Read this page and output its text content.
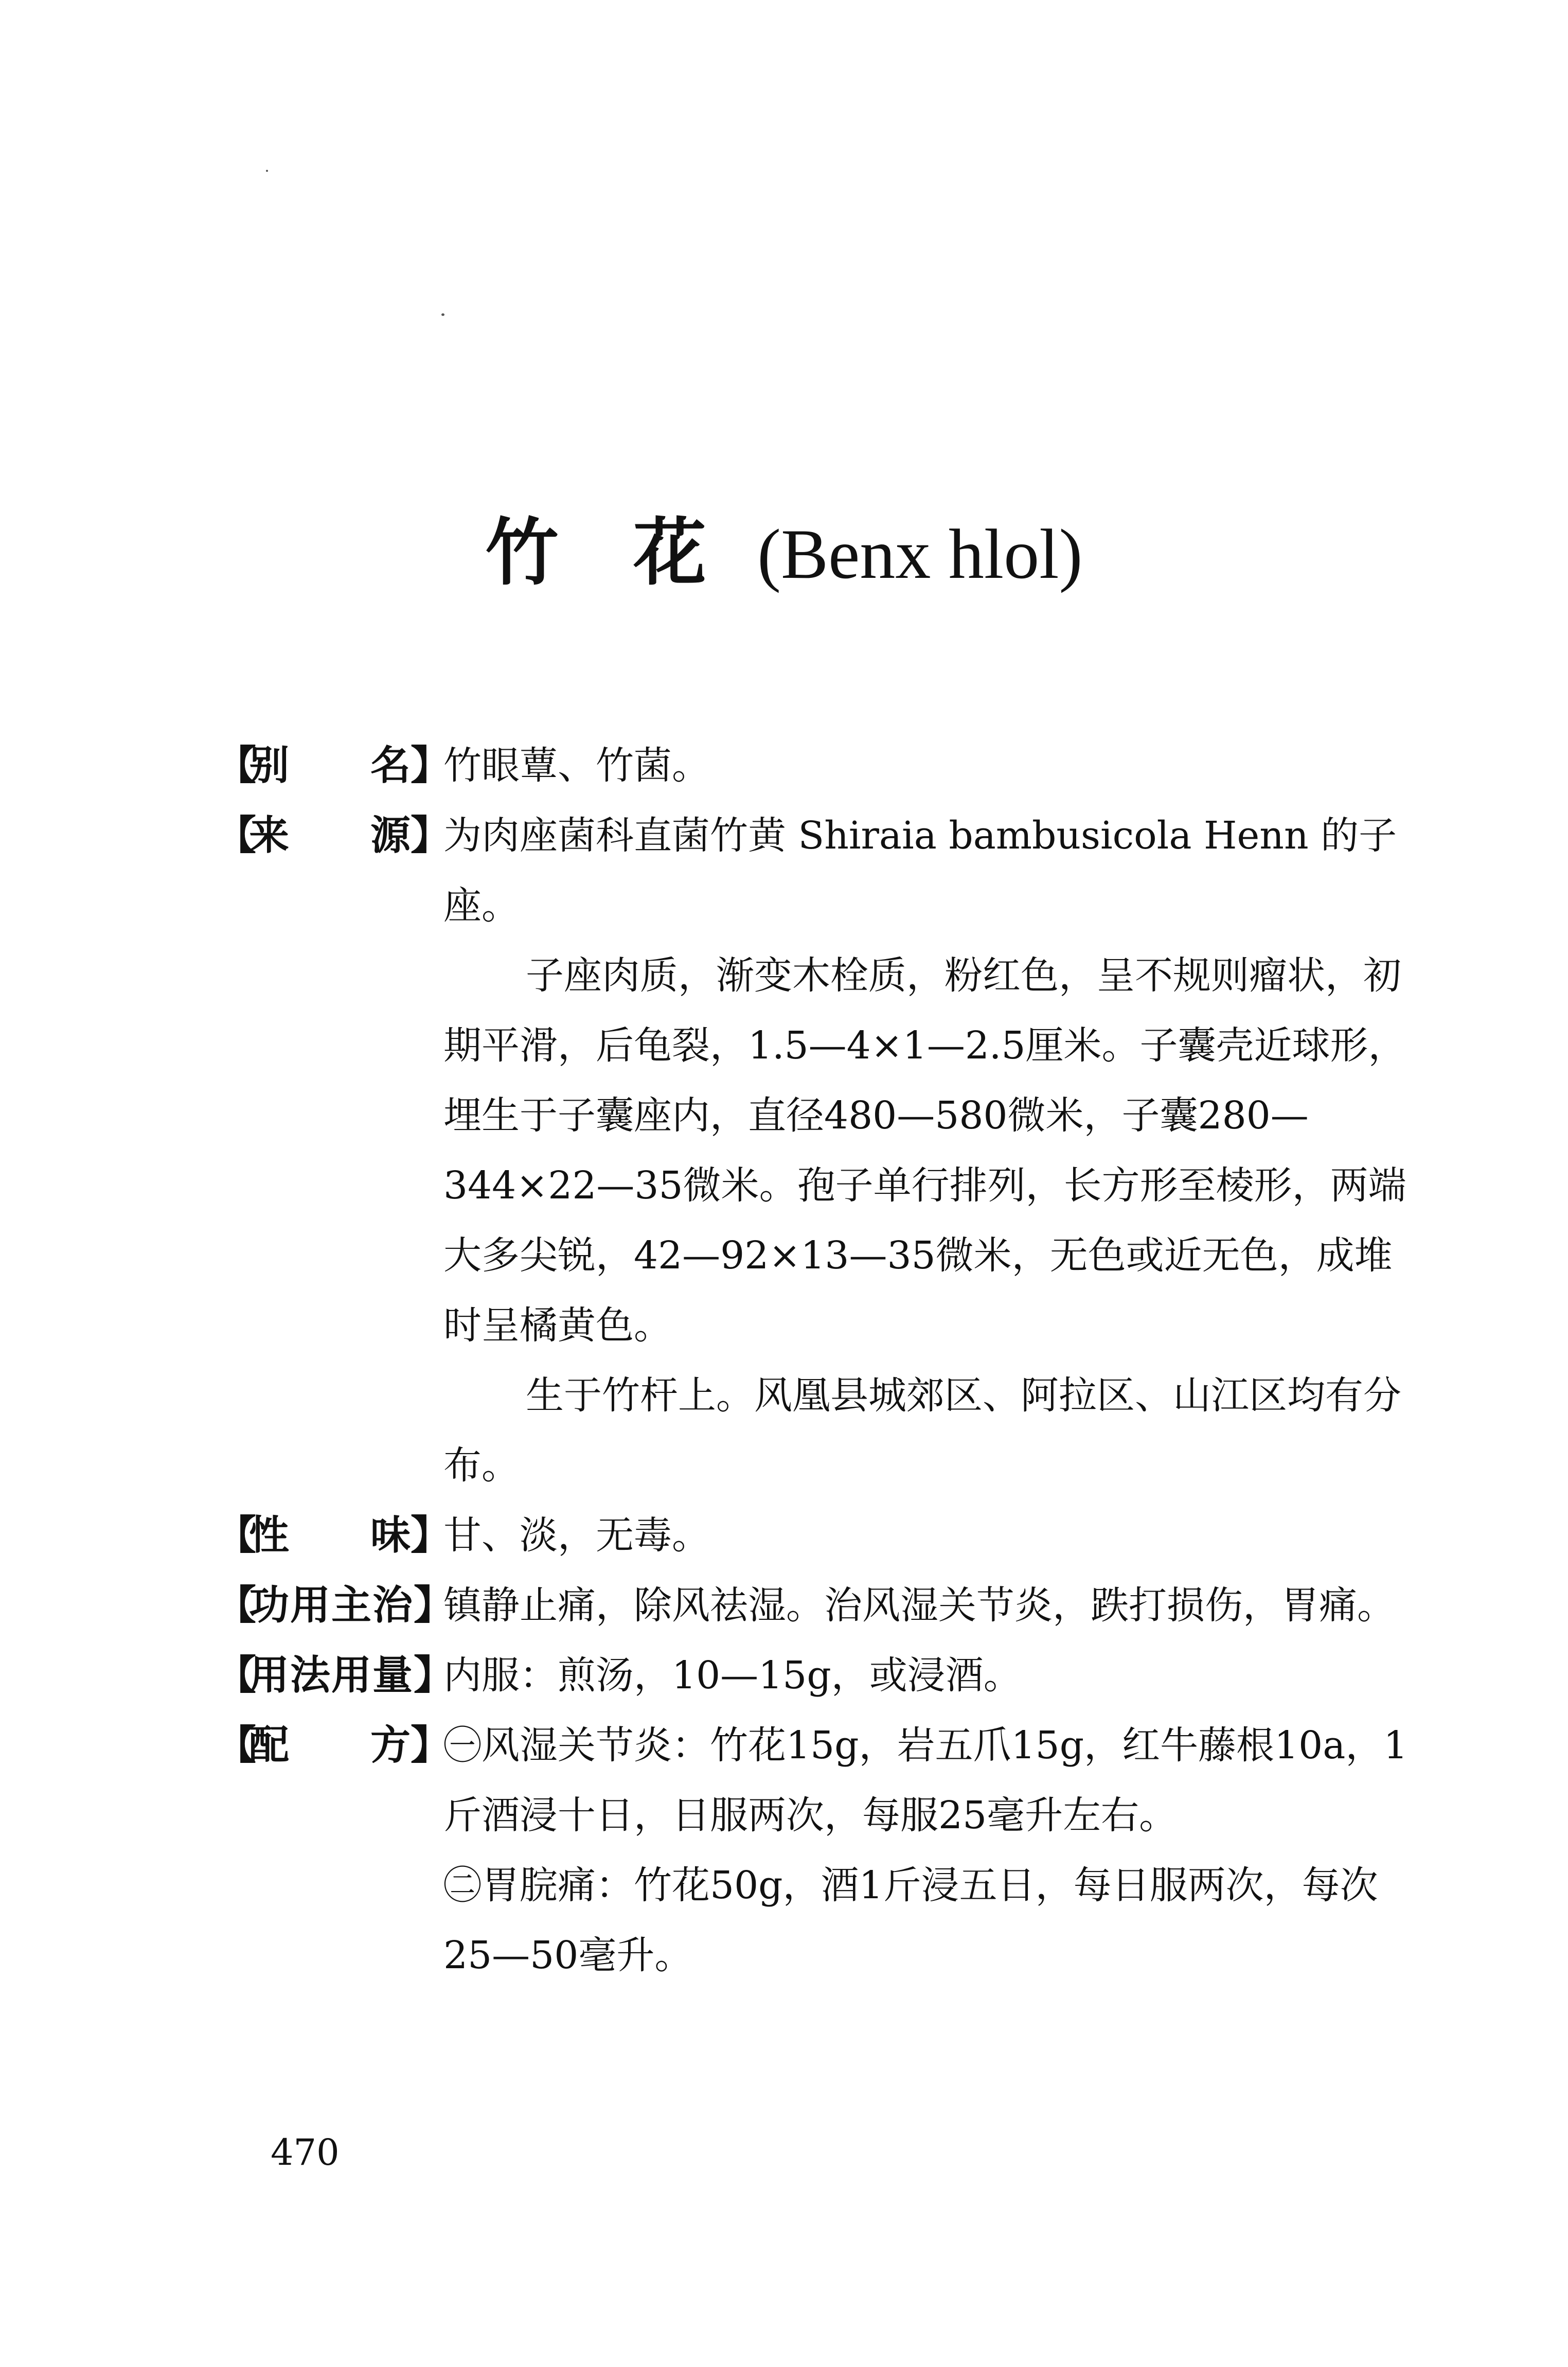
竹 花 (Benx hlol)
【
别 名 】

竹眼蕈、竹菌。

【
来 源 】

为肉座菌科直菌竹黄 Shiraia bambusicola Henn 的子座。

子座肉质，渐变木栓质，粉红色，呈不规则瘤状，初期平滑，后龟裂，1.5—4×1—2.5厘米。子囊壳近球形，埋生于子囊座内，直径480—580微米，子囊280—344×22—35微米。孢子单行排列，长方形至棱形，两端大多尖锐，42—92×13—35微米，无色或近无色，成堆时呈橘黄色。

生于竹杆上。风凰县城郊区、阿拉区、山江区均有分布。

【
性 味 】

甘、淡，无毒。

【
功用主治 】

镇静止痛，除风祛湿。治风湿关节炎，跌打损伤，胃痛。

【
用法用量 】

内服：煎汤，10—15g，或浸酒。

【
配 方 】

㊀风湿关节炎：竹花15g，岩五爪15g，红牛藤根10a，1斤酒浸十日，日服两次，每服25毫升左右。

㊁胃脘痛：竹花50g，酒1斤浸五日，每日服两次，每次25—50毫升。

470
